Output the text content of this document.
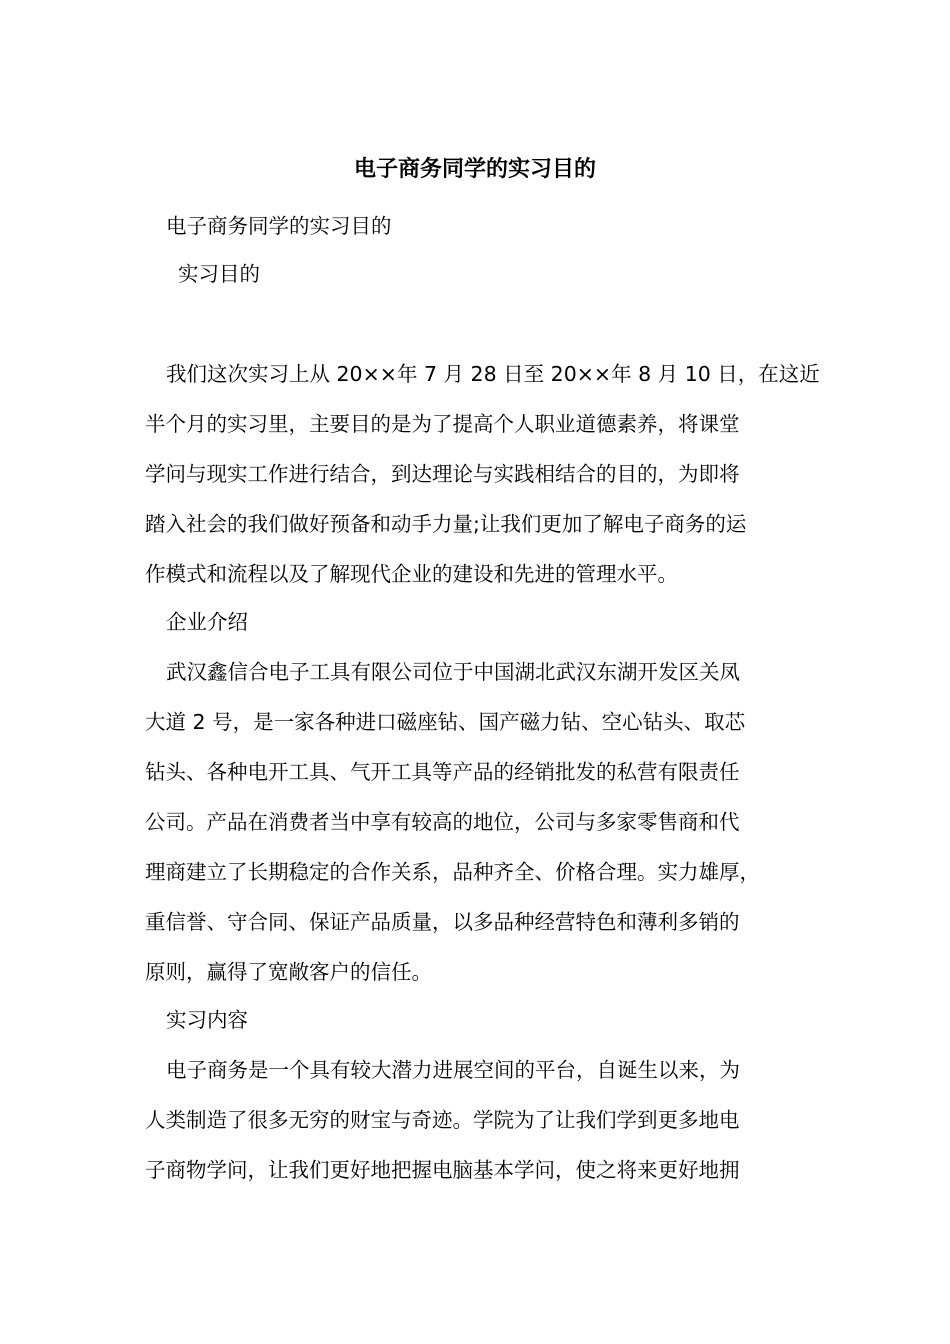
电子商务同学的实习目的

电子商务同学的实习目的

实习目的

我们这次实习上从 20××年 7 月 28 日至 20××年 8 月 10 日，在这近

半个月的实习里，主要目的是为了提高个人职业道德素养，将课堂

学问与现实工作进行结合，到达理论与实践相结合的目的，为即将

踏入社会的我们做好预备和动手力量;让我们更加了解电子商务的运

作模式和流程以及了解现代企业的建设和先进的管理水平。

企业介绍

武汉鑫信合电子工具有限公司位于中国湖北武汉东湖开发区关凤

大道 2 号，是一家各种进口磁座钻、国产磁力钻、空心钻头、取芯

钻头、各种电开工具、气开工具等产品的经销批发的私营有限责任

公司。产品在消费者当中享有较高的地位，公司与多家零售商和代

理商建立了长期稳定的合作关系，品种齐全、价格合理。实力雄厚，

重信誉、守合同、保证产品质量，以多品种经营特色和薄利多销的

原则，赢得了宽敞客户的信任。

实习内容

电子商务是一个具有较大潜力进展空间的平台，自诞生以来，为

人类制造了很多无穷的财宝与奇迹。学院为了让我们学到更多地电

子商物学问，让我们更好地把握电脑基本学问，使之将来更好地拥
